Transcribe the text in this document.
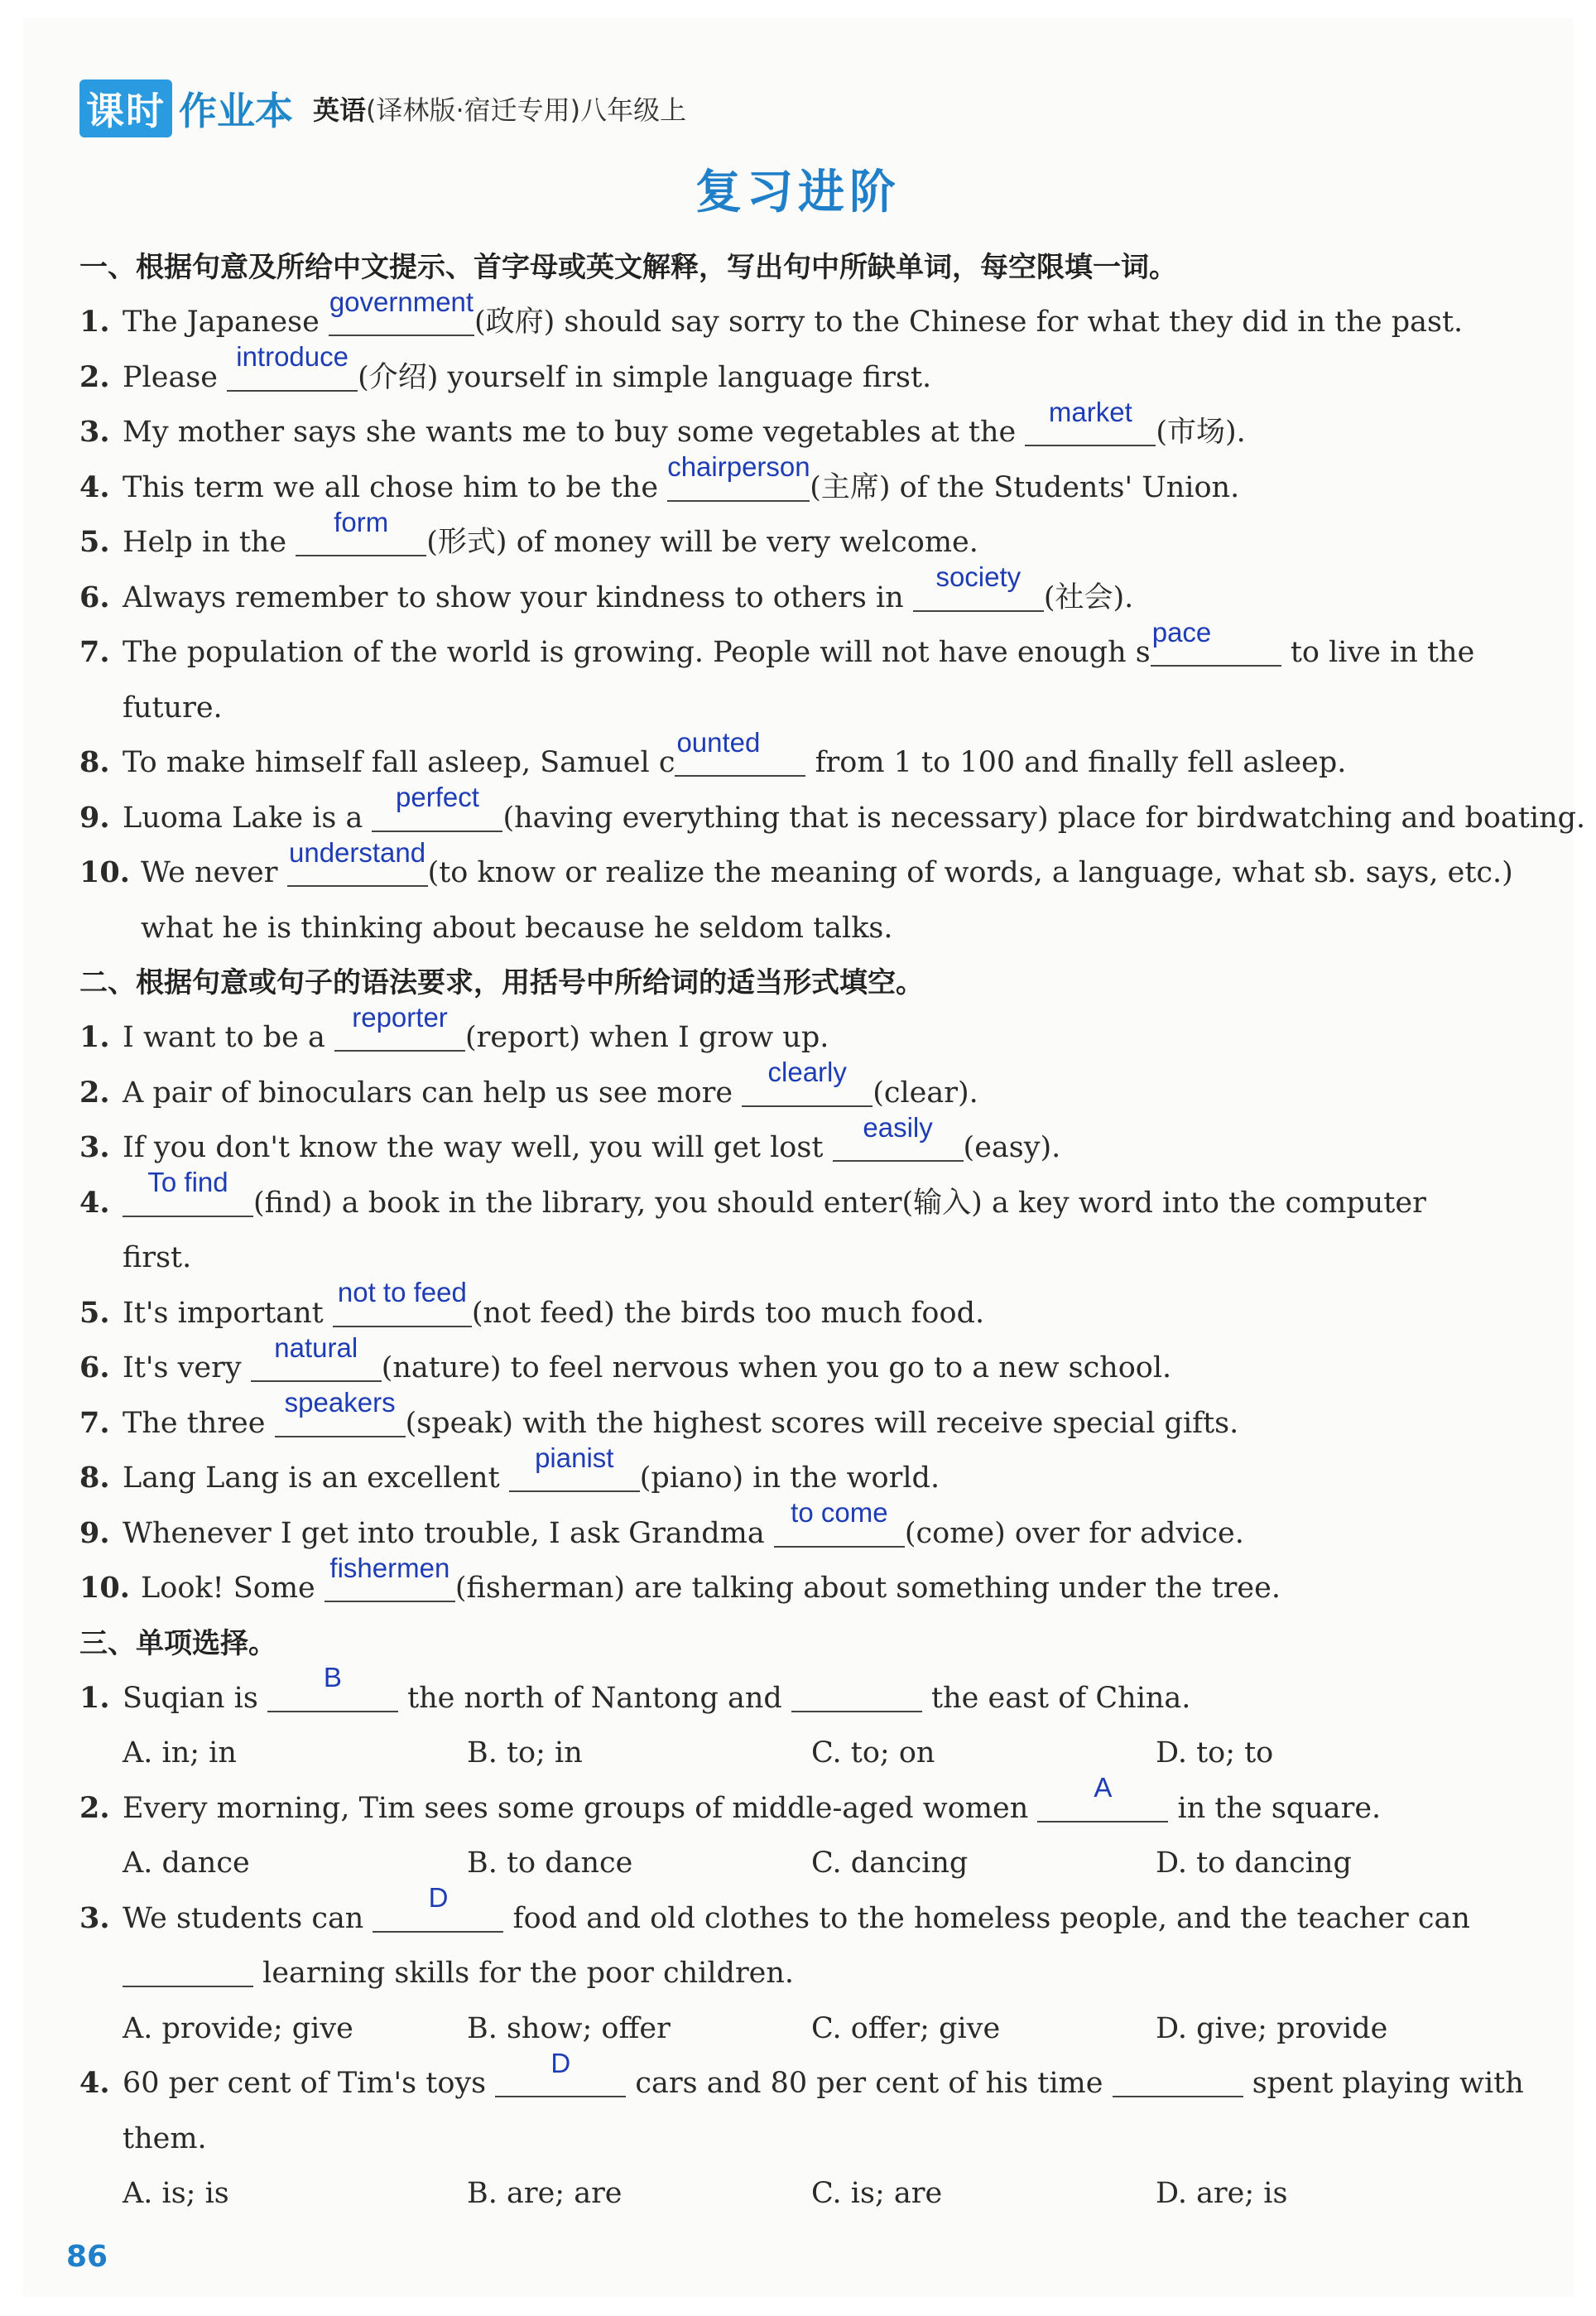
课时 作业本 英语(译林版·宿迁专用)八年级上
复习进阶
一、根据句意及所给中文提示、首字母或英文解释，写出句中所缺单词，每空限填一词。
1. The Japanese
government
(政府) should say sorry to the Chinese for what they did in the past.
2. Please
introduce
(介绍) yourself in simple language first.
3. My mother says she wants me to buy some vegetables at the
market
(市场).
4. This term we all chose him to be the
chairperson
(主席) of the Students' Union.
5. Help in the
form
(形式) of money will be very welcome.
6. Always remember to show your kindness to others in
society
(社会).
7. The population of the world is growing. People will not have enough s
pace
to live in the
future.
8. To make himself fall asleep, Samuel c
ounted
from 1 to 100 and finally fell asleep.
9. Luoma Lake is a
perfect
(having everything that is necessary) place for birdwatching and boating.
10. We never
understand
(to know or realize the meaning of words, a language, what sb. says, etc.)
what he is thinking about because he seldom talks.
二、根据句意或句子的语法要求，用括号中所给词的适当形式填空。
1. I want to be a
reporter
(report) when I grow up.
2. A pair of binoculars can help us see more
clearly
(clear).
3. If you don't know the way well, you will get lost
easily
(easy).
4.
To find
(find) a book in the library, you should enter(输入) a key word into the computer
first.
5. It's important
not to feed
(not feed) the birds too much food.
6. It's very
natural
(nature) to feel nervous when you go to a new school.
7. The three
speakers
(speak) with the highest scores will receive special gifts.
8. Lang Lang is an excellent
pianist
(piano) in the world.
9. Whenever I get into trouble, I ask Grandma
to come
(come) over for advice.
10. Look! Some
fishermen
(fisherman) are talking about something under the tree.
三、单项选择。
1. Suqian is
B
the north of Nantong and	the east of China.
A. in; in	B. to; in	C. to; on	D. to; to
2. Every morning, Tim sees some groups of middle-aged women
A
in the square.
A. dance	B. to dance	C. dancing	D. to dancing
3. We students can
D
food and old clothes to the homeless people, and the teacher can
learning skills for the poor children.
A. provide; give	B. show; offer	C. offer; give	D. give; provide
4. 60 per cent of Tim's toys
D
cars and 80 per cent of his time	spent playing with
them.
A. is; is	B. are; are	C. is; are	D. are; is
86
